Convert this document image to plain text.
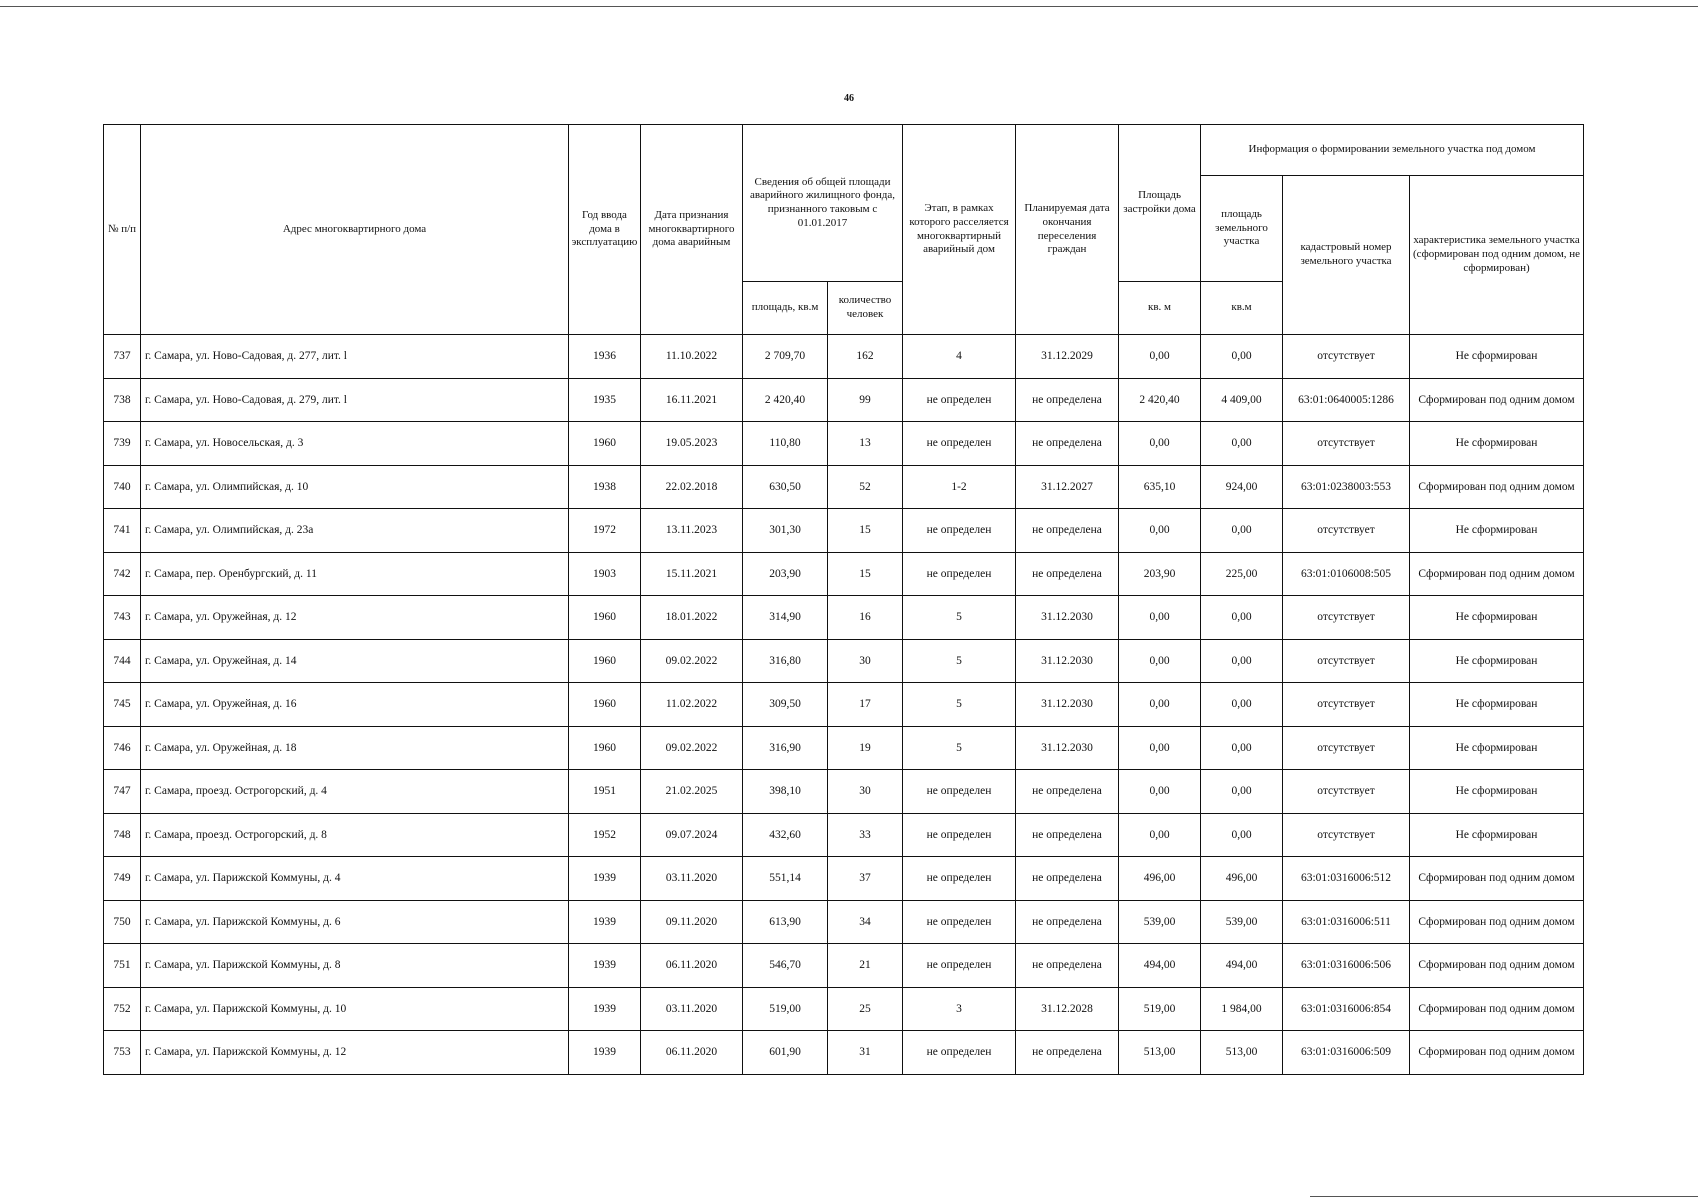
46
№ п/п	Адрес многоквартирного дома	Год ввода дома в эксплуатацию	Дата признания многоквартирного дома аварийным	Сведения об общей площади аварийного жилищного фонда, признанного таковым с 01.01.2017		Этап, в рамках которого расселяется многоквартирный аварийный дом	Планируемая дата окончания переселения граждан	Площадь застройки дома	Информация о формировании земельного участка под домом		
									площадь земельного участка	кадастровый номер земельного участка	характеристика земельного участка (сформирован под одним домом, не сформирован)
				площадь, кв.м	количество человек			кв. м	кв.м		
737	г. Самара, ул. Ново-Садовая, д. 277, лит. l	1936	11.10.2022	2 709,70	162	4	31.12.2029	0,00	0,00	отсутствует	Не сформирован
738	г. Самара, ул. Ново-Садовая, д. 279, лит. l	1935	16.11.2021	2 420,40	99	не определен	не определена	2 420,40	4 409,00	63:01:0640005:1286	Сформирован под одним домом
739	г. Самара, ул. Новосельская, д. 3	1960	19.05.2023	110,80	13	не определен	не определена	0,00	0,00	отсутствует	Не сформирован
740	г. Самара, ул. Олимпийская, д. 10	1938	22.02.2018	630,50	52	1-2	31.12.2027	635,10	924,00	63:01:0238003:553	Сформирован под одним домом
741	г. Самара, ул. Олимпийская, д. 23а	1972	13.11.2023	301,30	15	не определен	не определена	0,00	0,00	отсутствует	Не сформирован
742	г. Самара, пер. Оренбургский, д. 11	1903	15.11.2021	203,90	15	не определен	не определена	203,90	225,00	63:01:0106008:505	Сформирован под одним домом
743	г. Самара, ул. Оружейная, д. 12	1960	18.01.2022	314,90	16	5	31.12.2030	0,00	0,00	отсутствует	Не сформирован
744	г. Самара, ул. Оружейная, д. 14	1960	09.02.2022	316,80	30	5	31.12.2030	0,00	0,00	отсутствует	Не сформирован
745	г. Самара, ул. Оружейная, д. 16	1960	11.02.2022	309,50	17	5	31.12.2030	0,00	0,00	отсутствует	Не сформирован
746	г. Самара, ул. Оружейная, д. 18	1960	09.02.2022	316,90	19	5	31.12.2030	0,00	0,00	отсутствует	Не сформирован
747	г. Самара, проезд. Острогорский, д. 4	1951	21.02.2025	398,10	30	не определен	не определена	0,00	0,00	отсутствует	Не сформирован
748	г. Самара, проезд. Острогорский, д. 8	1952	09.07.2024	432,60	33	не определен	не определена	0,00	0,00	отсутствует	Не сформирован
749	г. Самара, ул. Парижской Коммуны, д. 4	1939	03.11.2020	551,14	37	не определен	не определена	496,00	496,00	63:01:0316006:512	Сформирован под одним домом
750	г. Самара, ул. Парижской Коммуны, д. 6	1939	09.11.2020	613,90	34	не определен	не определена	539,00	539,00	63:01:0316006:511	Сформирован под одним домом
751	г. Самара, ул. Парижской Коммуны, д. 8	1939	06.11.2020	546,70	21	не определен	не определена	494,00	494,00	63:01:0316006:506	Сформирован под одним домом
752	г. Самара, ул. Парижской Коммуны, д. 10	1939	03.11.2020	519,00	25	3	31.12.2028	519,00	1 984,00	63:01:0316006:854	Сформирован под одним домом
753	г. Самара, ул. Парижской Коммуны, д. 12	1939	06.11.2020	601,90	31	не определен	не определена	513,00	513,00	63:01:0316006:509	Сформирован под одним домом
